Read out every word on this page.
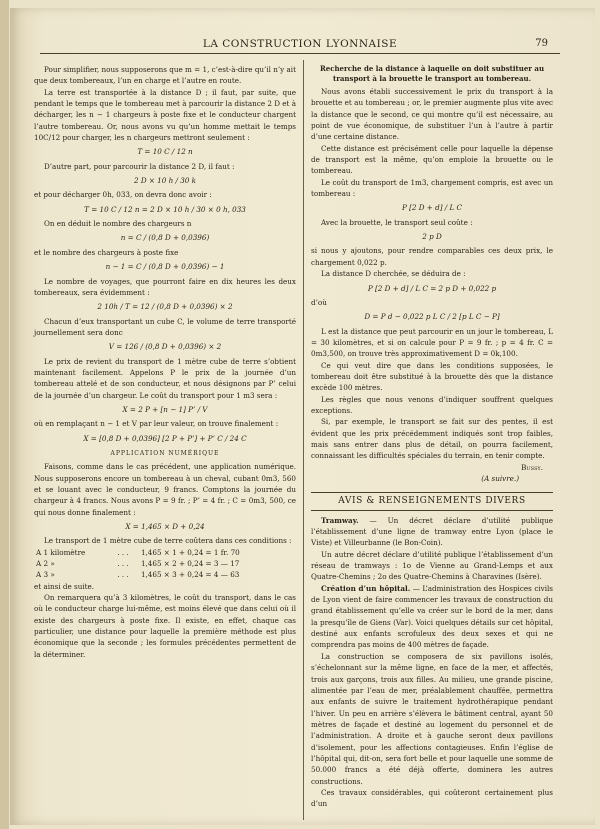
LA CONSTRUCTION LYONNAISE	79

Pour simplifier, nous supposerons que m = 1, c’est-à-dire qu’il n’y ait que deux tombereaux, l’un en charge et l’autre en route.

La terre est transportée à la distance D ; il faut, par suite, que pendant le temps que le tombereau met à parcourir la distance 2 D et à décharger, les n − 1 chargeurs à poste fixe et le conducteur chargent l’autre tombereau. Or, nous avons vu qu’un homme mettait le temps 10C/12 pour charger, les n chargeurs mettront seulement :

T = 10 C / 12 n

D’autre part, pour parcourir la distance 2 D, il faut :

2 D × 10 h / 30 k

et pour décharger 0h, 033, on devra donc avoir :

T = 10 C / 12 n = 2 D × 10 h / 30 × 0 h, 033

On en déduit le nombre des chargeurs n

n = C / (0,8 D + 0,0396)

et le nombre des chargeurs à poste fixe

n − 1 = C / (0,8 D + 0,0396) − 1

Le nombre de voyages, que pourront faire en dix heures les deux tombereaux, sera évidemment :

2 10h / T = 12 / (0,8 D + 0,0396) × 2

Chacun d’eux transportant un cube C, le volume de terre transporté journellement sera donc

V = 126 / (0,8 D + 0,0396) × 2

Le prix de revient du transport de 1 mètre cube de terre s’obtient maintenant facilement. Appelons P le prix de la journée d’un tombereau attelé et de son conducteur, et nous désignons par P’ celui de la journée d’un chargeur. Le coût du transport pour 1 m3 sera :

X = 2 P + [n − 1] P’ / V

où en remplaçant n − 1 et V par leur valeur, on trouve finalement :

X = [0,8 D + 0,0396] [2 P + P’] + P’ C / 24 C
APPLICATION NUMÉRIQUE

Faisons, comme dans le cas précédent, une application numérique. Nous supposerons encore un tombereau à un cheval, cubant 0m3, 560 et se louant avec le conducteur, 9 francs. Comptons la journée du chargeur à 4 francs. Nous avons P = 9 fr. ; P’ = 4 fr. ; C = 0m3, 500, ce qui nous donne finalement :

X = 1,465 × D + 0,24

Le transport de 1 mètre cube de terre coûtera dans ces conditions :

A 1 kilomètre	. . .	1,465 × 1 + 0,24 = 1 fr. 70
A 2 »	. . .	1,465 × 2 + 0,24 = 3 — 17
A 3 »	. . .	1,465 × 3 + 0,24 = 4 — 63

et ainsi de suite.

On remarquera qu’à 3 kilomètres, le coût du transport, dans le cas où le conducteur charge lui-même, est moins élevé que dans celui où il existe des chargeurs à poste fixe. Il existe, en effet, chaque cas particulier, une distance pour laquelle la première méthode est plus économique que la seconde ; les formules précédentes permettent de la déterminer.

Recherche de la distance à laquelle on doit substituer au transport à la brouette le transport au tombereau.

Nous avons établi successivement le prix du transport à la brouette et au tombereau ; or, le premier augmente plus vite avec la distance que le second, ce qui montre qu’il est nécessaire, au point de vue économique, de substituer l’un à l’autre à partir d’une certaine distance.

Cette distance est précisément celle pour laquelle la dépense de transport est la même, qu’on emploie la brouette ou le tombereau.

Le coût du transport de 1m3, chargement compris, est avec un tombereau :

P [2 D + d] / L C

Avec la brouette, le transport seul coûte :

2 p D

si nous y ajoutons, pour rendre comparables ces deux prix, le chargement 0,022 p.

La distance D cherchée, se déduira de :

P [2 D + d] / L C = 2 p D + 0,022 p

d’où

D = P d − 0,022 p L C / 2 [p L C − P]

L est la distance que peut parcourir en un jour le tombereau, L = 30 kilomètres, et si on calcule pour P = 9 fr. ; p = 4 fr. C = 0m3,500, on trouve très approximativement D = 0k,100.

Ce qui veut dire que dans les conditions supposées, le tombereau doit être substitué à la brouette dès que la distance excède 100 mètres.

Les règles que nous venons d’indiquer souffrent quelques exceptions.

Si, par exemple, le transport se fait sur des pentes, il est évident que les prix précédemment indiqués sont trop faibles, mais sans entrer dans plus de détail, on pourra facilement, connaissant les difficultés spéciales du terrain, en tenir compte.

Bussy.
(A suivre.)
AVIS & RENSEIGNEMENTS DIVERS

Tramway. — Un décret déclare d’utilité publique l’établissement d’une ligne de tramway entre Lyon (place le Viste) et Villeurbanne (le Bon-Coin).

Un autre décret déclare d’utilité publique l’établissement d’un réseau de tramways : 1o de Vienne au Grand-Lemps et aux Quatre-Chemins ; 2o des Quatre-Chemins à Charavines (Isère).

Création d’un hôpital. — L’administration des Hospices civils de Lyon vient de faire commencer les travaux de construction du grand établissement qu’elle va créer sur le bord de la mer, dans la presqu’île de Giens (Var). Voici quelques détails sur cet hôpital, destiné aux enfants scrofuleux des deux sexes et qui ne comprendra pas moins de 400 mètres de façade.

La construction se composera de six pavillons isolés, s’échelonnant sur la même ligne, en face de la mer, et affectés, trois aux garçons, trois aux filles. Au milieu, une grande piscine, alimentée par l’eau de mer, préalablement chauffée, permettra aux enfants de suivre le traitement hydrothérapique pendant l’hiver. Un peu en arrière s’élèvera le bâtiment central, ayant 50 mètres de façade et destiné au logement du personnel et de l’administration. A droite et à gauche seront deux pavillons d’isolement, pour les affections contagieuses. Enfin l’église de l’hôpital qui, dit-on, sera fort belle et pour laquelle une somme de 50.000 francs a été déjà offerte, dominera les autres constructions.

Ces travaux considérables, qui coûteront certainement plus d’un
